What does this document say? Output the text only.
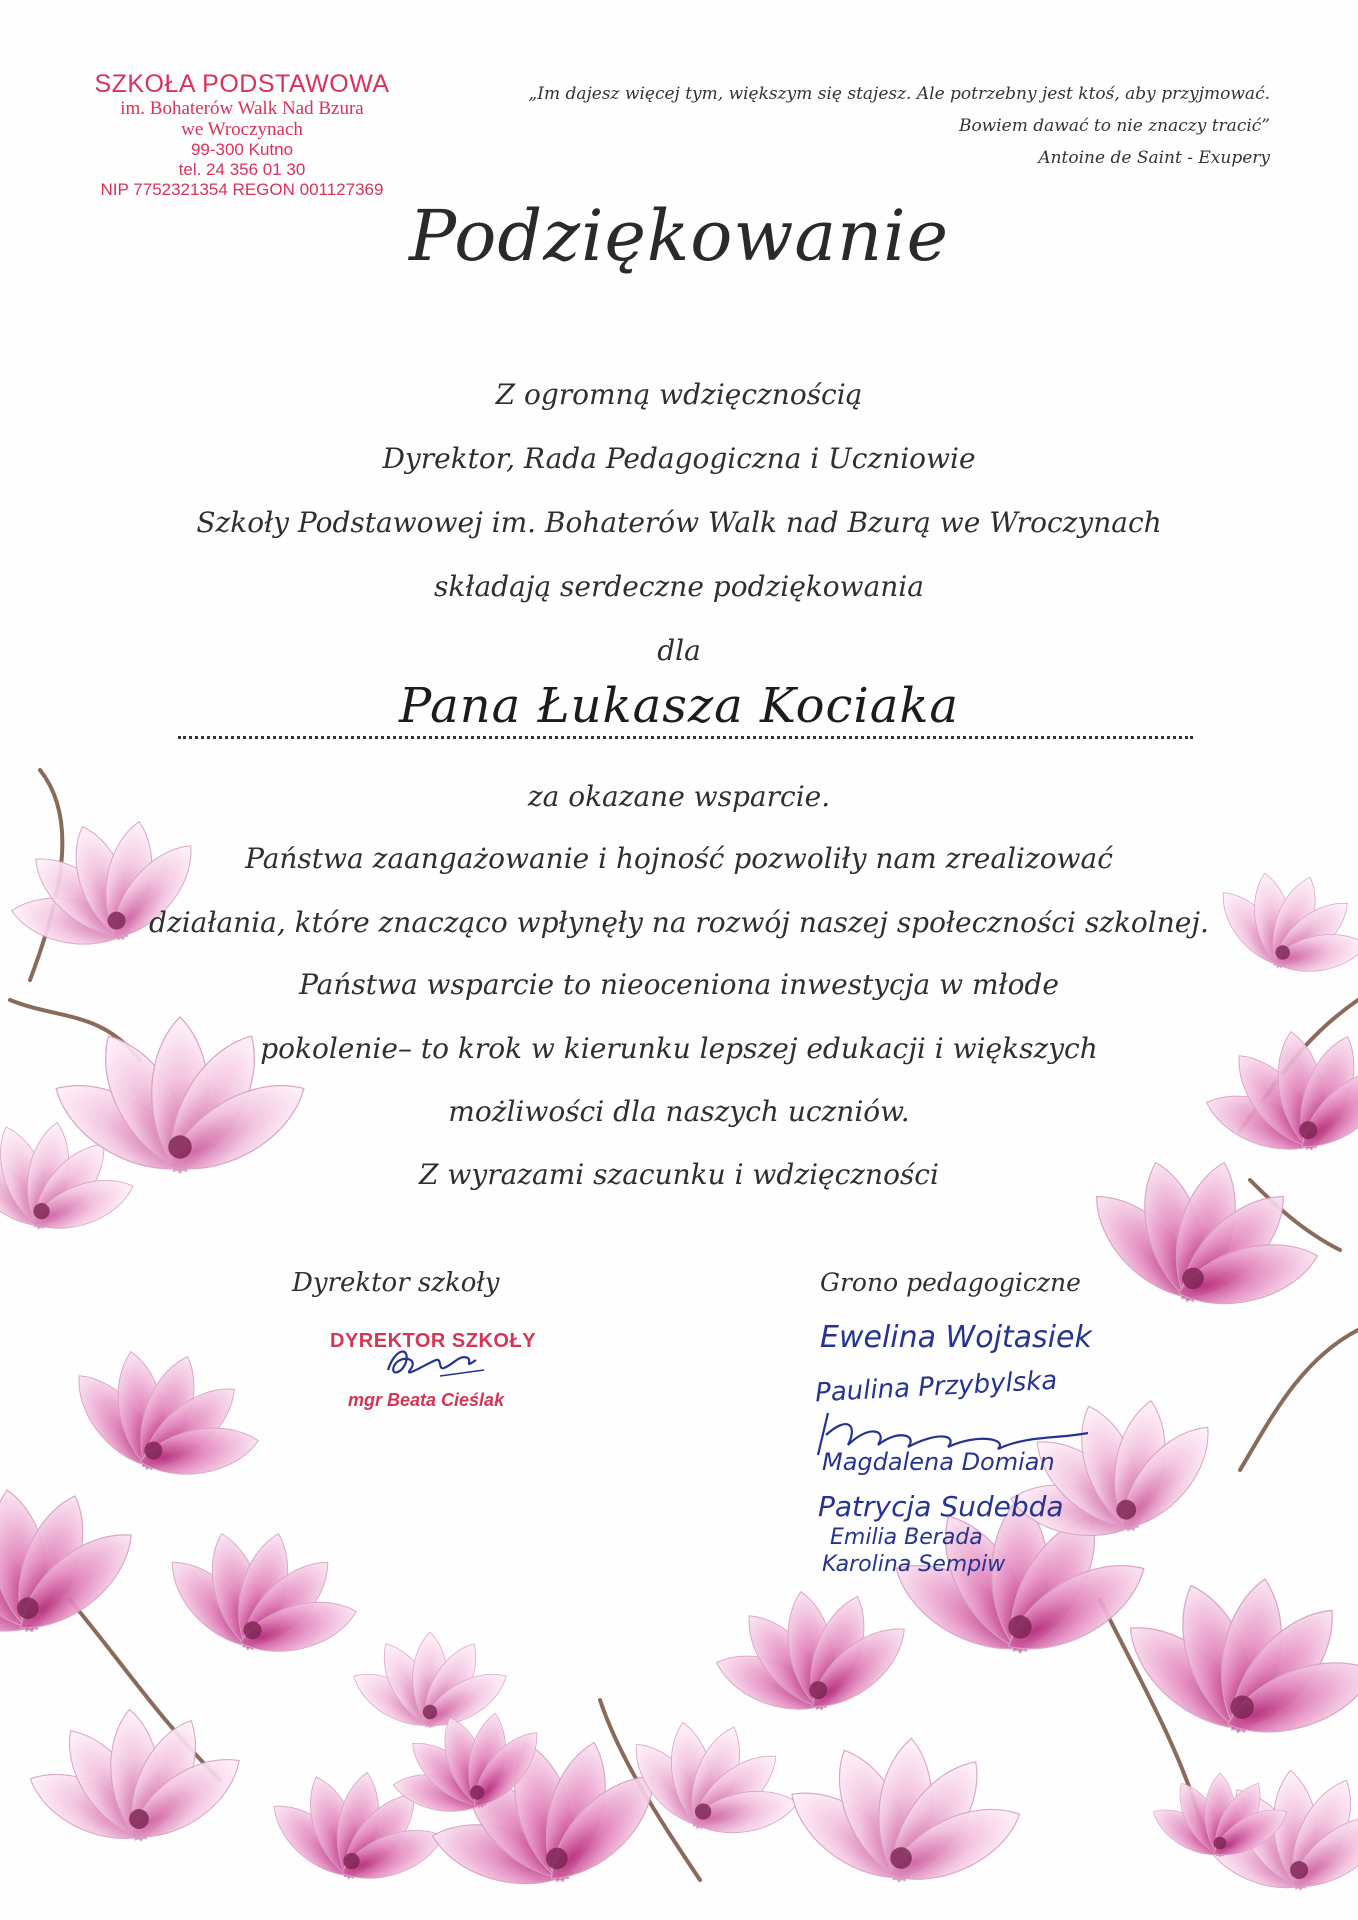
SZKOŁA PODSTAWOWA
im. Bohaterów Walk Nad Bzura
we Wroczynach
99-300 Kutno
tel. 24 356 01 30
NIP 7752321354 REGON 001127369
„Im dajesz więcej tym, większym się stajesz. Ale potrzebny jest ktoś, aby przyjmować.
Bowiem dawać to nie znaczy tracić”
Antoine de Saint - Exupery
Podziękowanie
Z ogromną wdzięcznością
Dyrektor, Rada Pedagogiczna i Uczniowie
Szkoły Podstawowej im. Bohaterów Walk nad Bzurą we Wroczynach
składają serdeczne podziękowania
dla
Pana Łukasza Kociaka
za okazane wsparcie.
Państwa zaangażowanie i hojność pozwoliły nam zrealizować
działania, które znacząco wpłynęły na rozwój naszej społeczności szkolnej.
Państwa wsparcie to nieoceniona inwestycja w młode
pokolenie– to krok w kierunku lepszej edukacji i większych
możliwości dla naszych uczniów.
Z wyrazami szacunku i wdzięczności
Dyrektor szkoły
DYREKTOR SZKOŁY
mgr Beata Cieślak
Grono pedagogiczne
Ewelina Wojtasiek
Paulina Przybylska
Magdalena Domian
Patrycja Sudebda
Emilia Berada
Karolina Sempiw
